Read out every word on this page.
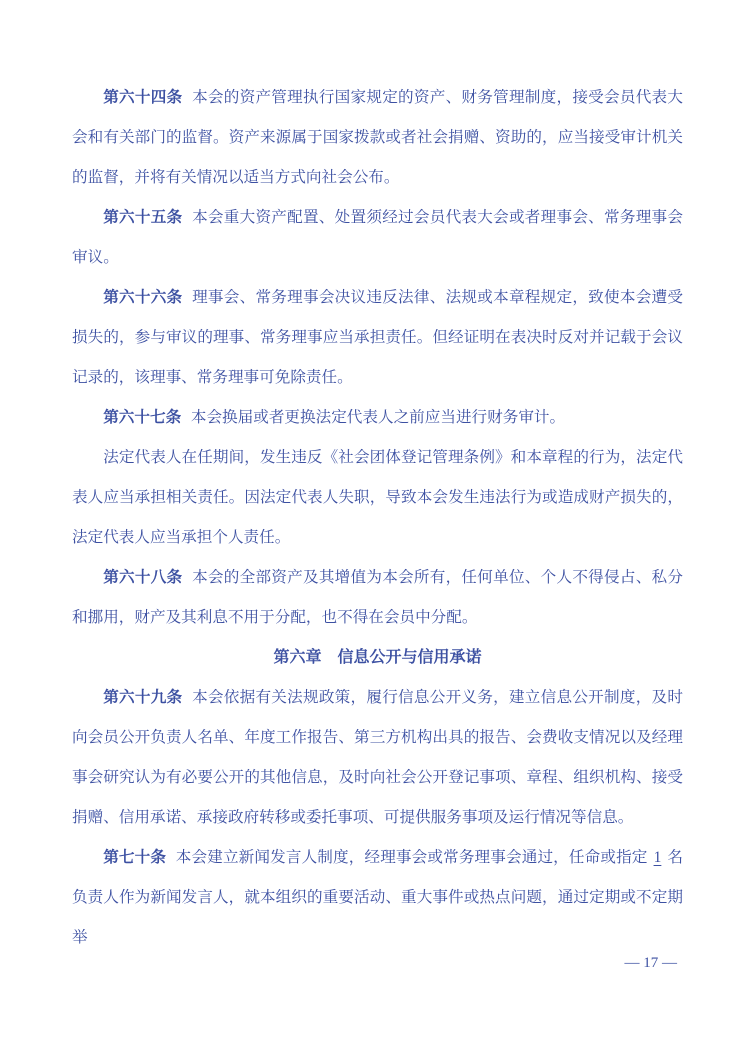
第六十四条 本会的资产管理执行国家规定的资产、财务管理制度，接受会员代表大会和有关部门的监督。资产来源属于国家拨款或者社会捐赠、资助的，应当接受审计机关的监督，并将有关情况以适当方式向社会公布。

第六十五条 本会重大资产配置、处置须经过会员代表大会或者理事会、常务理事会审议。

第六十六条 理事会、常务理事会决议违反法律、法规或本章程规定，致使本会遭受损失的，参与审议的理事、常务理事应当承担责任。但经证明在表决时反对并记载于会议记录的，该理事、常务理事可免除责任。

第六十七条 本会换届或者更换法定代表人之前应当进行财务审计。

法定代表人在任期间，发生违反《社会团体登记管理条例》和本章程的行为，法定代表人应当承担相关责任。因法定代表人失职，导致本会发生违法行为或造成财产损失的，法定代表人应当承担个人责任。

第六十八条 本会的全部资产及其增值为本会所有，任何单位、个人不得侵占、私分和挪用，财产及其利息不用于分配，也不得在会员中分配。

第六章　信息公开与信用承诺

第六十九条 本会依据有关法规政策，履行信息公开义务，建立信息公开制度，及时向会员公开负责人名单、年度工作报告、第三方机构出具的报告、会费收支情况以及经理事会研究认为有必要公开的其他信息，及时向社会公开登记事项、章程、组织机构、接受捐赠、信用承诺、承接政府转移或委托事项、可提供服务事项及运行情况等信息。

第七十条 本会建立新闻发言人制度，经理事会或常务理事会通过，任命或指定 1 名负责人作为新闻发言人，就本组织的重要活动、重大事件或热点问题，通过定期或不定期举

— 17 —
